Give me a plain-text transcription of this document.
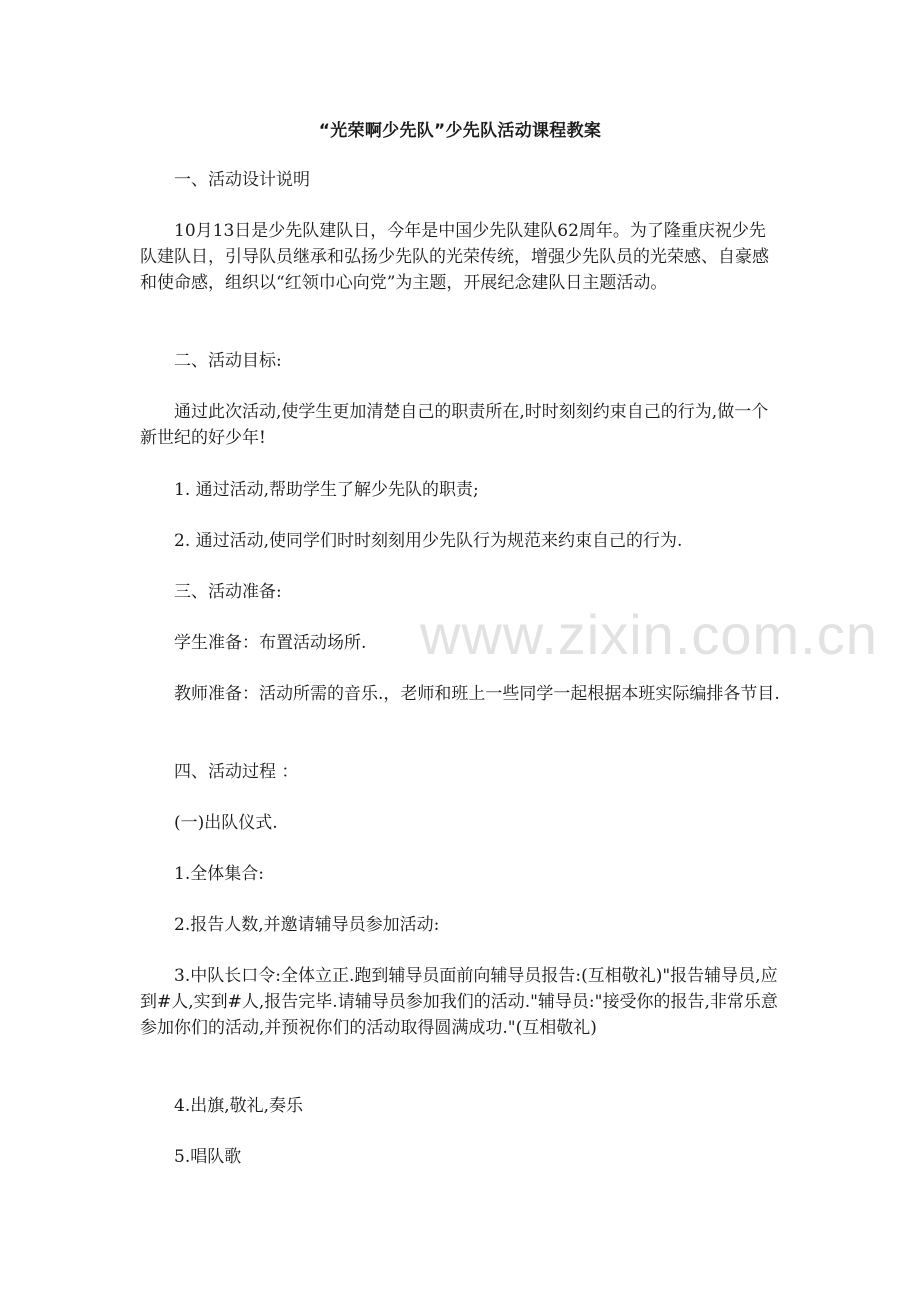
“光荣啊少先队”少先队活动课程教案

一、活动设计说明

10月13日是少先队建队日，今年是中国少先队建队62周年。为了隆重庆祝少先队建队日，引导队员继承和弘扬少先队的光荣传统，增强少先队员的光荣感、自豪感和使命感，组织以“红领巾心向党”为主题，开展纪念建队日主题活动。

二、活动目标:

通过此次活动,使学生更加清楚自己的职责所在,时时刻刻约束自己的行为,做一个新世纪的好少年!

1. 通过活动,帮助学生了解少先队的职责;

2. 通过活动,使同学们时时刻刻用少先队行为规范来约束自己的行为.

三、活动准备:

学生准备：布置活动场所.

教师准备：活动所需的音乐.，老师和班上一些同学一起根据本班实际编排各节目.

四、活动过程 ：

(一)出队仪式.

1.全体集合:

2.报告人数,并邀请辅导员参加活动:

3.中队长口令:全体立正.跑到辅导员面前向辅导员报告:(互相敬礼)"报告辅导员,应到#人,实到#人,报告完毕.请辅导员参加我们的活动."辅导员:"接受你的报告,非常乐意参加你们的活动,并预祝你们的活动取得圆满成功."(互相敬礼)

4.出旗,敬礼,奏乐

5.唱队歌

www.zixin.com.cn
